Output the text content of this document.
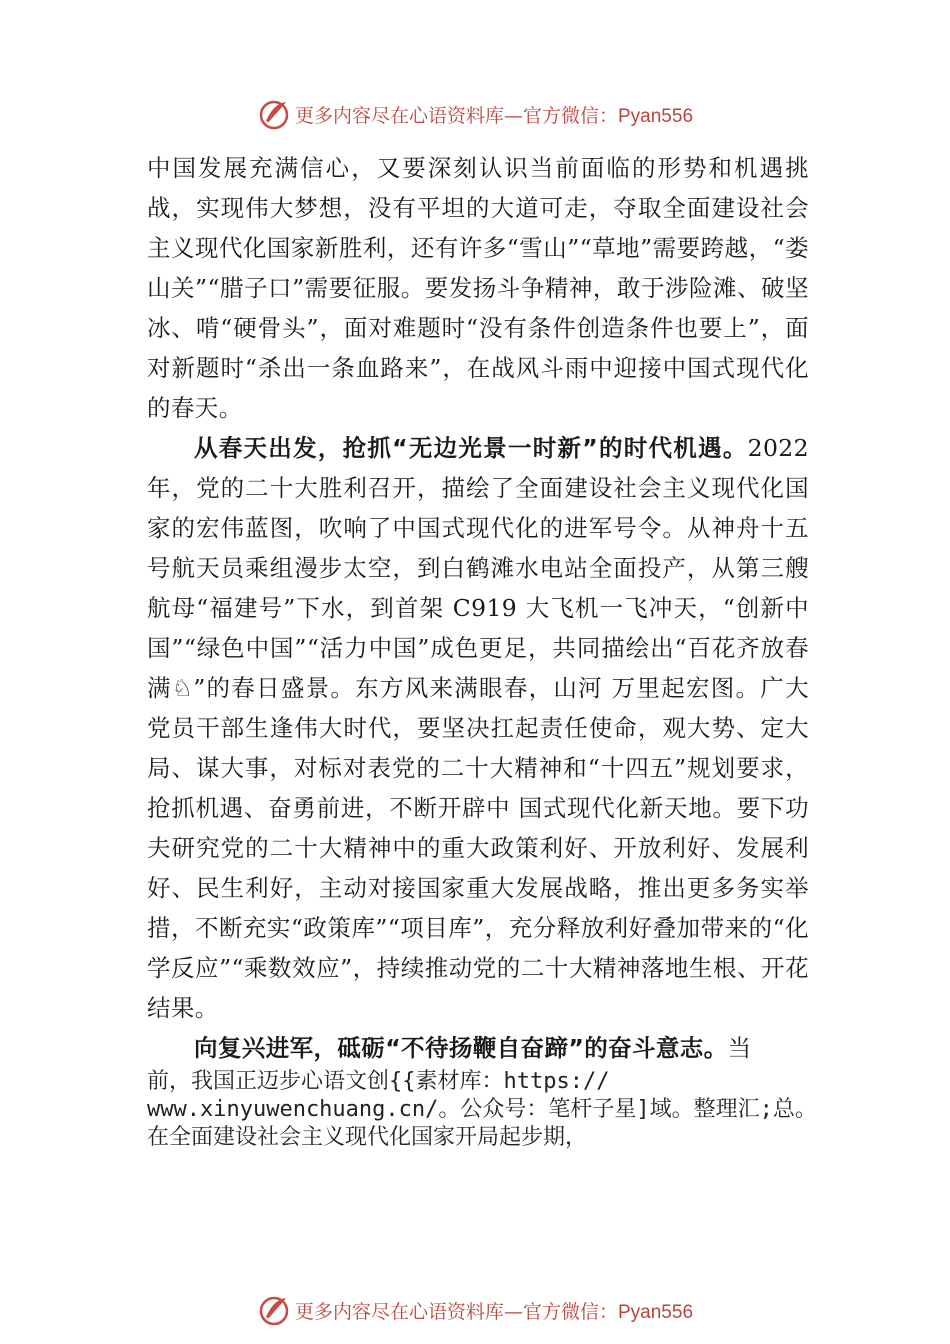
更多内容尽在心语资料库—官方微信：Pyan556

中国发展充满信心，又要深刻认识当前面临的形势和机遇挑战，实现伟大梦想，没有平坦的大道可走，夺取全面建设社会主义现代化国家新胜利，还有许多“雪山”“草地”需要跨越，“娄山关”“腊子口”需要征服。要发扬斗争精神，敢于涉险滩、破坚冰、啃“硬骨头”，面对难题时“没有条件创造条件也要上”，面对新题时“杀出一条血路来”，在战风斗雨中迎接中国式现代化的春天。

从春天出发，抢抓“无边光景一时新”的时代机遇。2022年，党的二十大胜利召开，描绘了全面建设社会主义现代化国家的宏伟蓝图，吹响了中国式现代化的进军号令。从神舟十五号航天员乘组漫步太空，到白鹤滩水电站全面投产，从第三艘航母“福建号”下水，到首架 C919 大飞机一飞冲天，“创新中国”“绿色中国”“活力中国”成色更足，共同描绘出“百花齐放春满♘”的春日盛景。东方风来满眼春，山河 万里起宏图。广大党员干部生逢伟大时代，要坚决扛起责任使命，观大势、定大局、谋大事，对标对表党的二十大精神和“十四五”规划要求，抢抓机遇、奋勇前进，不断开辟中 国式现代化新天地。要下功夫研究党的二十大精神中的重大政策利好、开放利好、发展利好、民生利好，主动对接国家重大发展战略，推出更多务实举措，不断充实“政策库”“项目库”，充分释放利好叠加带来的“化学反应”“乘数效应”，持续推动党的二十大精神落地生根、开花结果。

向复兴进军，砥砺“不待扬鞭自奋蹄”的奋斗意志。当

前，我国正迈步心语文创{{素材库：https://

www.xinyuwenchuang.cn/。公众号：笔杆子星]域。整理汇;总。

在全面建设社会主义现代化国家开局起步期，

更多内容尽在心语资料库—官方微信：Pyan556
